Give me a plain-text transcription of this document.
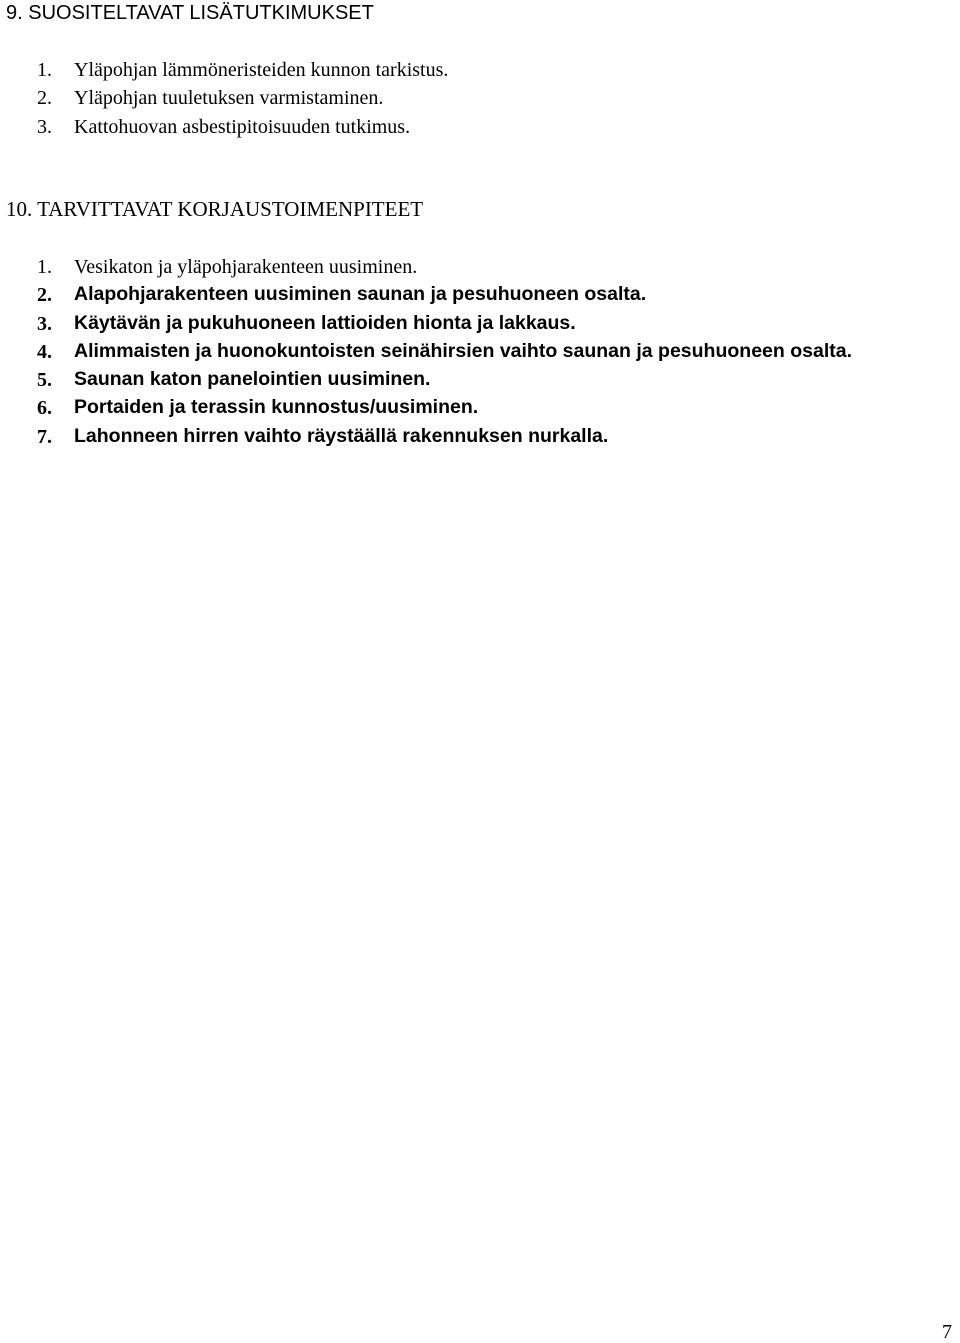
9. SUOSITELTAVAT LISÄTUTKIMUKSET
1. Yläpohjan lämmöneristeiden kunnon tarkistus.
2. Yläpohjan tuuletuksen varmistaminen.
3. Kattohuovan asbestipitoisuuden tutkimus.
10. TARVITTAVAT KORJAUSTOIMENPITEET
1. Vesikaton ja yläpohjarakenteen uusiminen.
2. Alapohjarakenteen uusiminen saunan ja pesuhuoneen osalta.
3. Käytävän ja pukuhuoneen lattioiden hionta ja lakkaus.
4. Alimmaisten ja huonokuntoisten seinähirsien vaihto saunan ja pesuhuoneen osalta.
5. Saunan katon panelointien uusiminen.
6. Portaiden ja terassin kunnostus/uusiminen.
7. Lahonneen hirren vaihto räystäällä rakennuksen nurkalla.
7
